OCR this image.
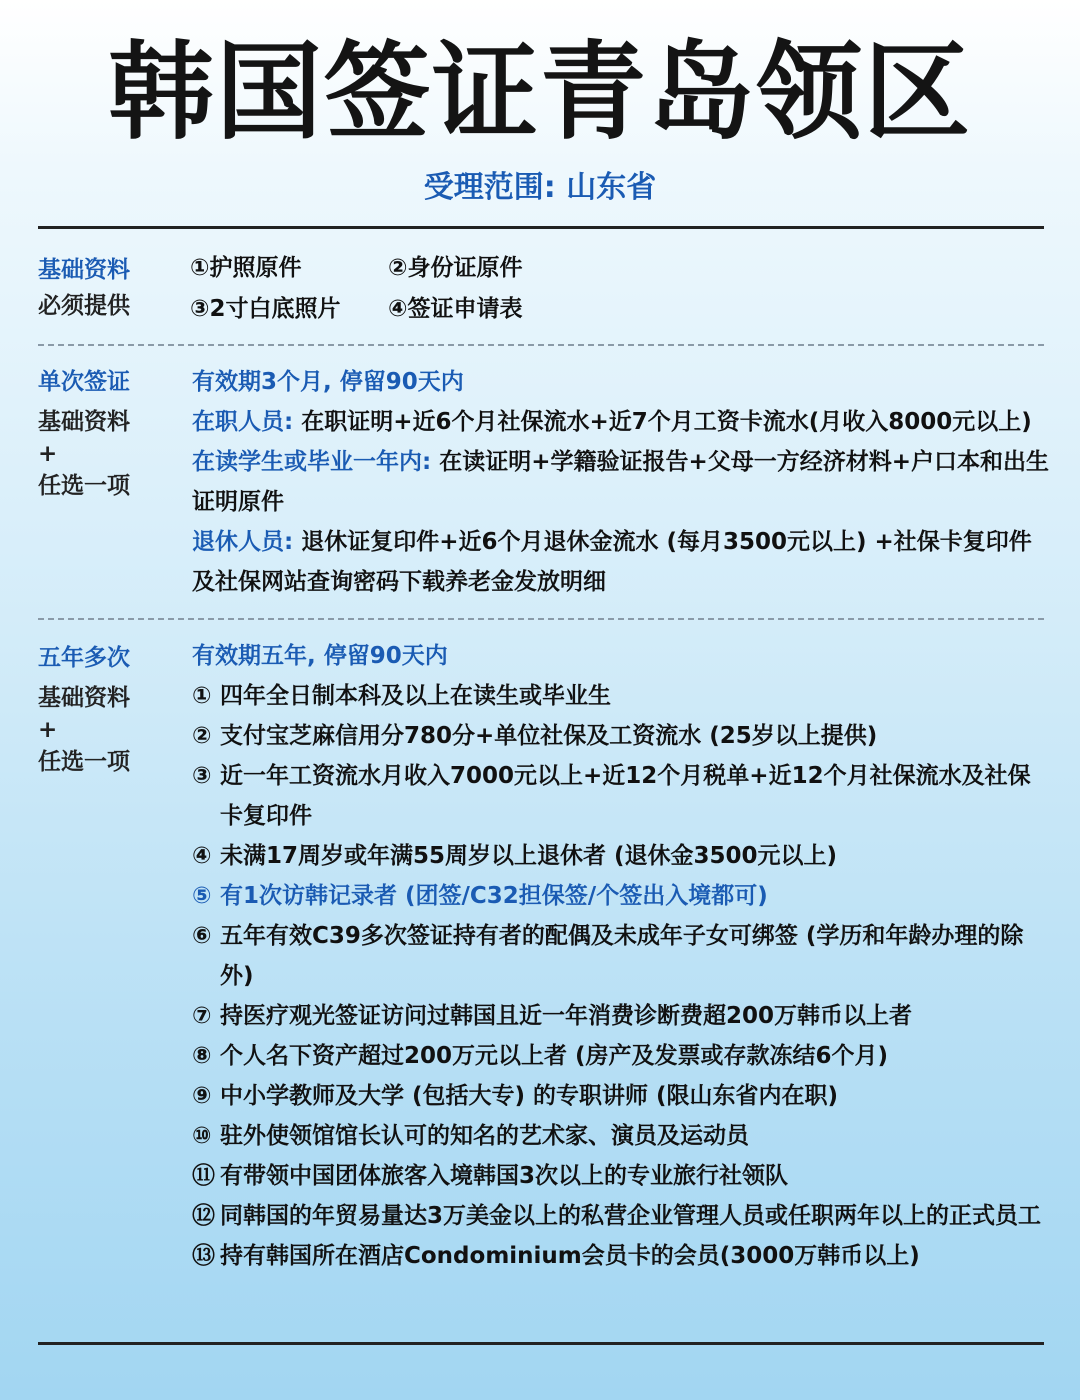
韩国签证青岛领区
受理范围: 山东省
基础资料
必须提供
①护照原件	②身份证原件
③2寸白底照片 ④签证申请表
单次签证
基础资料
+
任选一项
有效期3个月, 停留90天内
在职人员: 在职证明+近6个月社保流水+近7个月工资卡流水(月收入8000元以上)
在读学生或毕业一年内: 在读证明+学籍验证报告+父母一方经济材料+户口本和出生证明原件
退休人员: 退休证复印件+近6个月退休金流水 (每月3500元以上) +社保卡复印件及社保网站查询密码下载养老金发放明细
五年多次
基础资料
+
任选一项
有效期五年, 停留90天内
① 四年全日制本科及以上在读生或毕业生
② 支付宝芝麻信用分780分+单位社保及工资流水 (25岁以上提供)
③ 近一年工资流水月收入7000元以上+近12个月税单+近12个月社保流水及社保卡复印件
④ 未满17周岁或年满55周岁以上退休者 (退休金3500元以上)
⑤ 有1次访韩记录者 (团签/C32担保签/个签出入境都可)
⑥ 五年有效C39多次签证持有者的配偶及未成年子女可绑签 (学历和年龄办理的除外)
⑦ 持医疗观光签证访问过韩国且近一年消费诊断费超200万韩币以上者
⑧ 个人名下资产超过200万元以上者 (房产及发票或存款冻结6个月)
⑨ 中小学教师及大学 (包括大专) 的专职讲师 (限山东省内在职)
⑩ 驻外使领馆馆长认可的知名的艺术家、演员及运动员
⑪ 有带领中国团体旅客入境韩国3次以上的专业旅行社领队
⑫ 同韩国的年贸易量达3万美金以上的私营企业管理人员或任职两年以上的正式员工
⑬ 持有韩国所在酒店Condominium会员卡的会员(3000万韩币以上)
